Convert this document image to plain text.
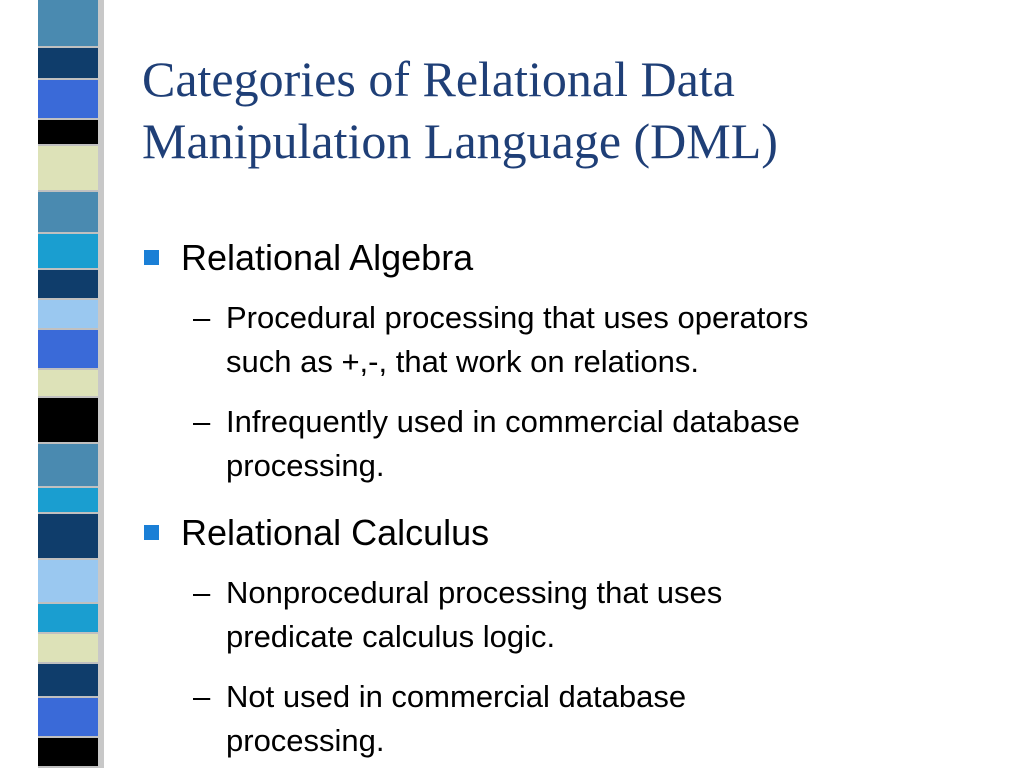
Categories of Relational Data
Manipulation Language (DML)
Relational Algebra
– Procedural processing that uses operators
such as +,-, that work on relations.
– Infrequently used in commercial database
processing.
Relational Calculus
– Nonprocedural processing that uses
predicate calculus logic.
– Not used in commercial database
processing.
